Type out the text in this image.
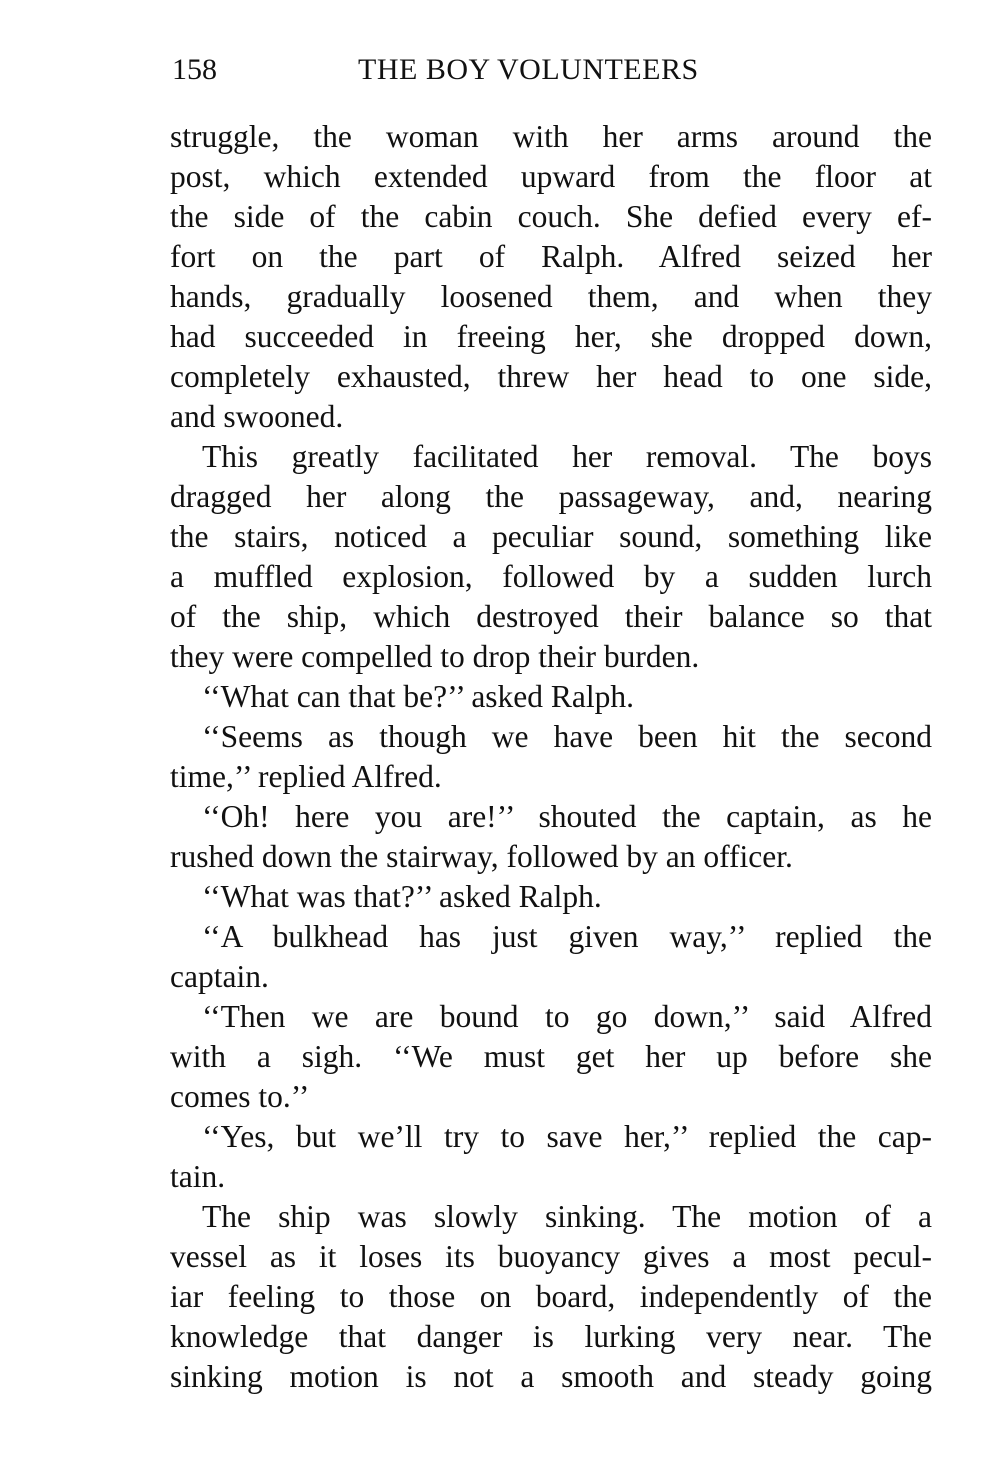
158	THE BOY VOLUNTEERS
struggle, the woman with her arms around the
post, which extended upward from the floor at
the side of the cabin couch. She defied every ef-
fort on the part of Ralph. Alfred seized her
hands, gradually loosened them, and when they
had succeeded in freeing her, she dropped down,
completely exhausted, threw her head to one side,
and swooned.
This greatly facilitated her removal. The boys
dragged her along the passageway, and, nearing
the stairs, noticed a peculiar sound, something like
a muffled explosion, followed by a sudden lurch
of the ship, which destroyed their balance so that
they were compelled to drop their burden.
‘‘What can that be?’’ asked Ralph.
‘‘Seems as though we have been hit the second
time,’’ replied Alfred.
‘‘Oh! here you are!’’ shouted the captain, as he
rushed down the stairway, followed by an officer.
‘‘What was that?’’ asked Ralph.
‘‘A bulkhead has just given way,’’ replied the
captain.
‘‘Then we are bound to go down,’’ said Alfred
with a sigh. ‘‘We must get her up before she
comes to.’’
‘‘Yes, but we’ll try to save her,’’ replied the cap-
tain.
The ship was slowly sinking. The motion of a
vessel as it loses its buoyancy gives a most pecul-
iar feeling to those on board, independently of the
knowledge that danger is lurking very near. The
sinking motion is not a smooth and steady going
